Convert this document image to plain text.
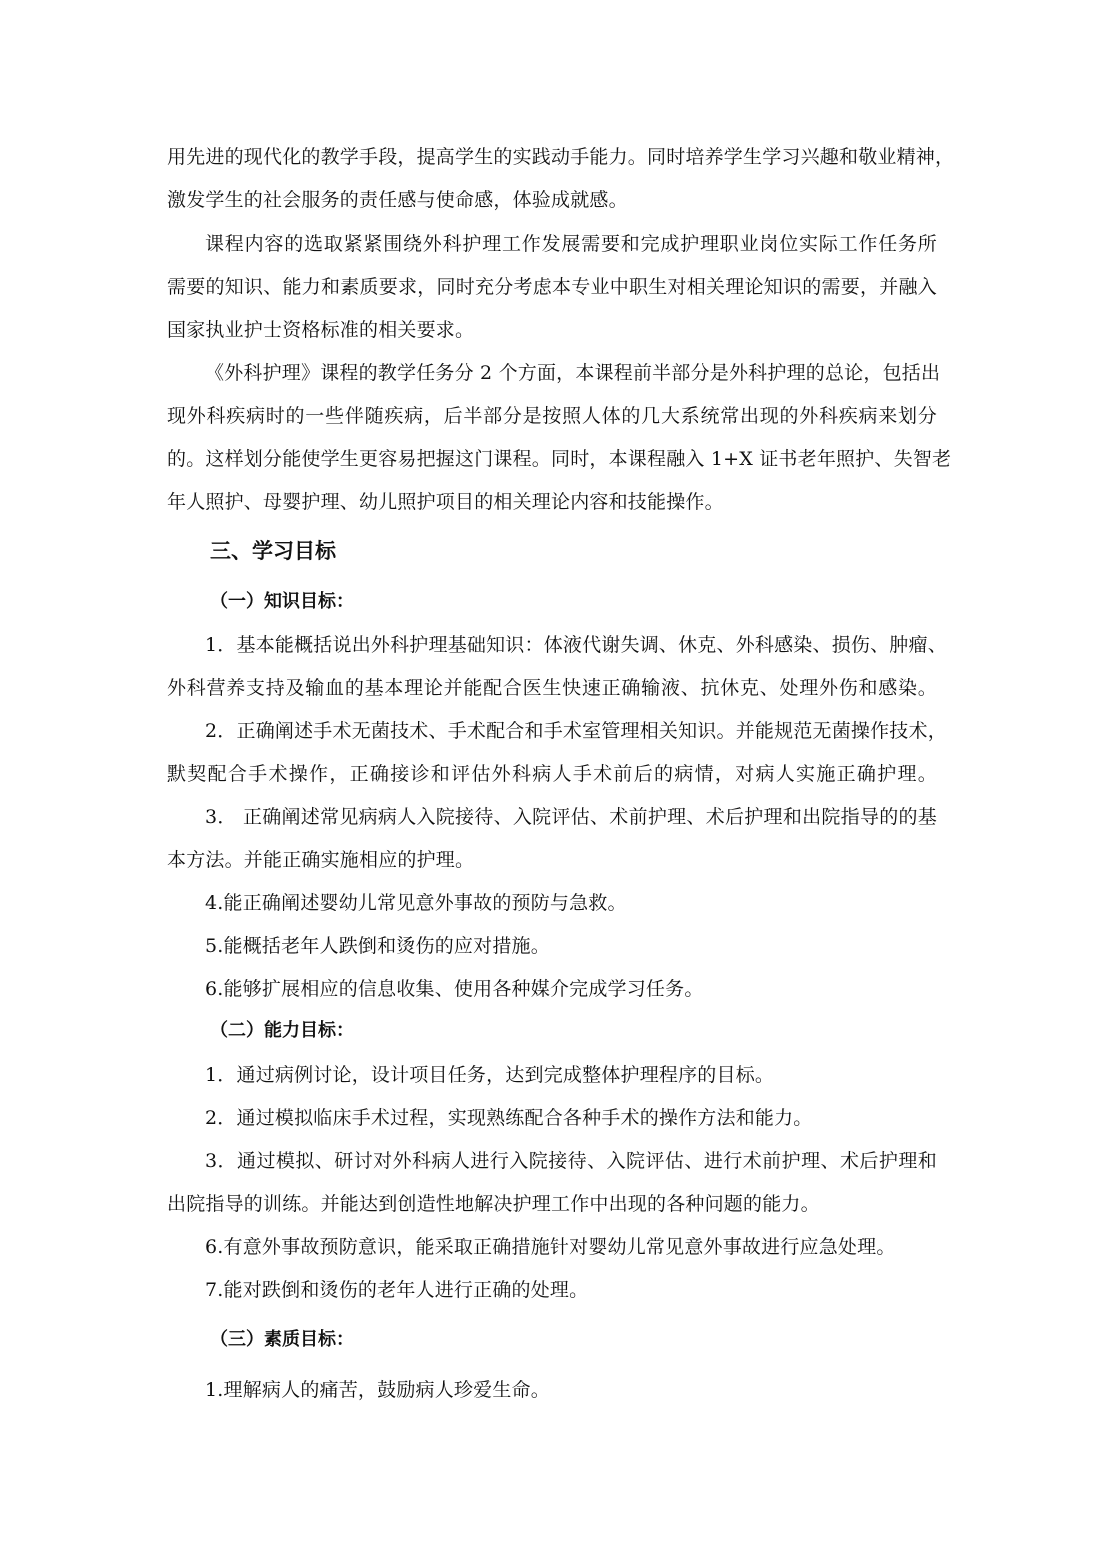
用先进的现代化的教学手段，提高学生的实践动手能力。同时培养学生学习兴趣和敬业精神，
激发学生的社会服务的责任感与使命感，体验成就感。
课程内容的选取紧紧围绕外科护理工作发展需要和完成护理职业岗位实际工作任务所
需要的知识、能力和素质要求，同时充分考虑本专业中职生对相关理论知识的需要，并融入
国家执业护士资格标准的相关要求。
《外科护理》课程的教学任务分 2 个方面，本课程前半部分是外科护理的总论，包括出
现外科疾病时的一些伴随疾病，后半部分是按照人体的几大系统常出现的外科疾病来划分
的。这样划分能使学生更容易把握这门课程。同时，本课程融入 1+X 证书老年照护、失智老
年人照护、母婴护理、幼儿照护项目的相关理论内容和技能操作。
三、学习目标
（一）知识目标：
1．基本能概括说出外科护理基础知识：体液代谢失调、休克、外科感染、损伤、肿瘤、
外科营养支持及输血的基本理论并能配合医生快速正确输液、抗休克、处理外伤和感染。
2．正确阐述手术无菌技术、手术配合和手术室管理相关知识。并能规范无菌操作技术，
默契配合手术操作，正确接诊和评估外科病人手术前后的病情，对病人实施正确护理。
3． 正确阐述常见病病人入院接待、入院评估、术前护理、术后护理和出院指导的的基
本方法。并能正确实施相应的护理。
4.能正确阐述婴幼儿常见意外事故的预防与急救。
5.能概括老年人跌倒和烫伤的应对措施。
6.能够扩展相应的信息收集、使用各种媒介完成学习任务。
（二）能力目标：
1．通过病例讨论，设计项目任务，达到完成整体护理程序的目标。
2．通过模拟临床手术过程，实现熟练配合各种手术的操作方法和能力。
3．通过模拟、研讨对外科病人进行入院接待、入院评估、进行术前护理、术后护理和
出院指导的训练。并能达到创造性地解决护理工作中出现的各种问题的能力。
6.有意外事故预防意识，能采取正确措施针对婴幼儿常见意外事故进行应急处理。
7.能对跌倒和烫伤的老年人进行正确的处理。
（三）素质目标：
1.理解病人的痛苦，鼓励病人珍爱生命。
